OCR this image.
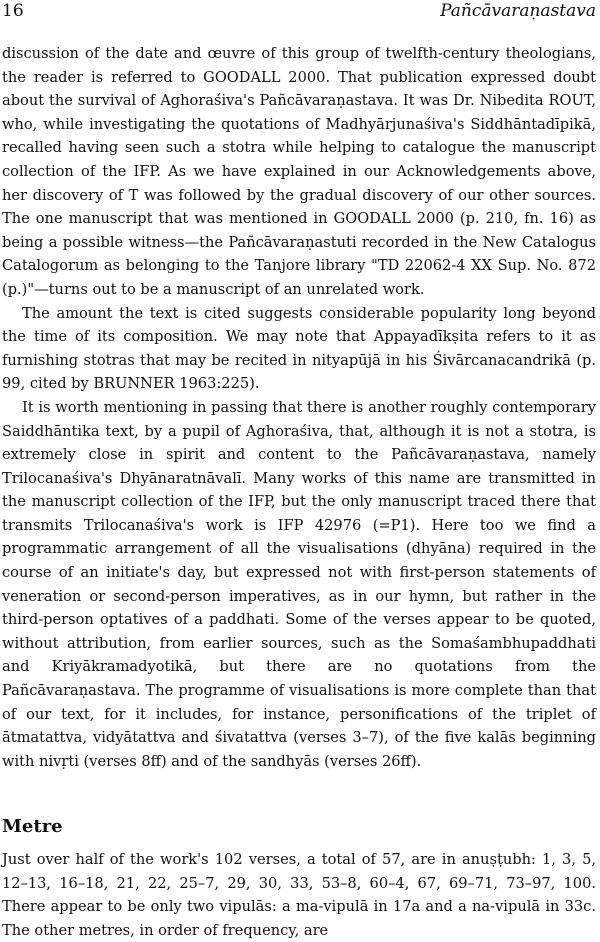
16	Pañcāvaraṇastava

discussion of the date and œuvre of this group of twelfth-century theologians, the reader is referred to GOODALL 2000. That publication expressed doubt about the survival of Aghoraśiva's Pañcāvaraṇastava. It was Dr. Nibedita ROUT, who, while investigating the quotations of Madhyārjunaśiva's Siddhāntadīpikā, recalled having seen such a stotra while helping to catalogue the manuscript collection of the IFP. As we have explained in our Acknowledgements above, her discovery of T was followed by the gradual discovery of our other sources. The one manuscript that was mentioned in GOODALL 2000 (p. 210, fn. 16) as being a possible witness—the Pañcāvaraṇastuti recorded in the New Catalogus Catalogorum as belonging to the Tanjore library "TD 22062-4 XX Sup. No. 872 (p.)"—turns out to be a manuscript of an unrelated work.

The amount the text is cited suggests considerable popularity long beyond the time of its composition. We may note that Appayadīkṣita refers to it as furnishing stotras that may be recited in nityapūjā in his Śivārcanacandrikā (p. 99, cited by BRUNNER 1963:225).

It is worth mentioning in passing that there is another roughly contemporary Saiddhāntika text, by a pupil of Aghoraśiva, that, although it is not a stotra, is extremely close in spirit and content to the Pañcāvaraṇastava, namely Trilocanaśiva's Dhyānaratnāvalī. Many works of this name are transmitted in the manuscript collection of the IFP, but the only manuscript traced there that transmits Trilocanaśiva's work is IFP 42976 (=P1). Here too we find a programmatic arrangement of all the visualisations (dhyāna) required in the course of an initiate's day, but expressed not with first-person statements of veneration or second-person imperatives, as in our hymn, but rather in the third-person optatives of a paddhati. Some of the verses appear to be quoted, without attribution, from earlier sources, such as the Somaśambhupaddhati and Kriyākramadyotikā, but there are no quotations from the Pañcāvaraṇastava. The programme of visualisations is more complete than that of our text, for it includes, for instance, personifications of the triplet of ātmatattva, vidyātattva and śivatattva (verses 3–7), of the five kalās beginning with nivṛti (verses 8ff) and of the sandhyās (verses 26ff).

Metre

Just over half of the work's 102 verses, a total of 57, are in anuṣṭubh: 1, 3, 5, 12–13, 16–18, 21, 22, 25–7, 29, 30, 33, 53–8, 60–4, 67, 69–71, 73–97, 100. There appear to be only two vipulās: a ma-vipulā in 17a and a na-vipulā in 33c. The other metres, in order of frequency, are
